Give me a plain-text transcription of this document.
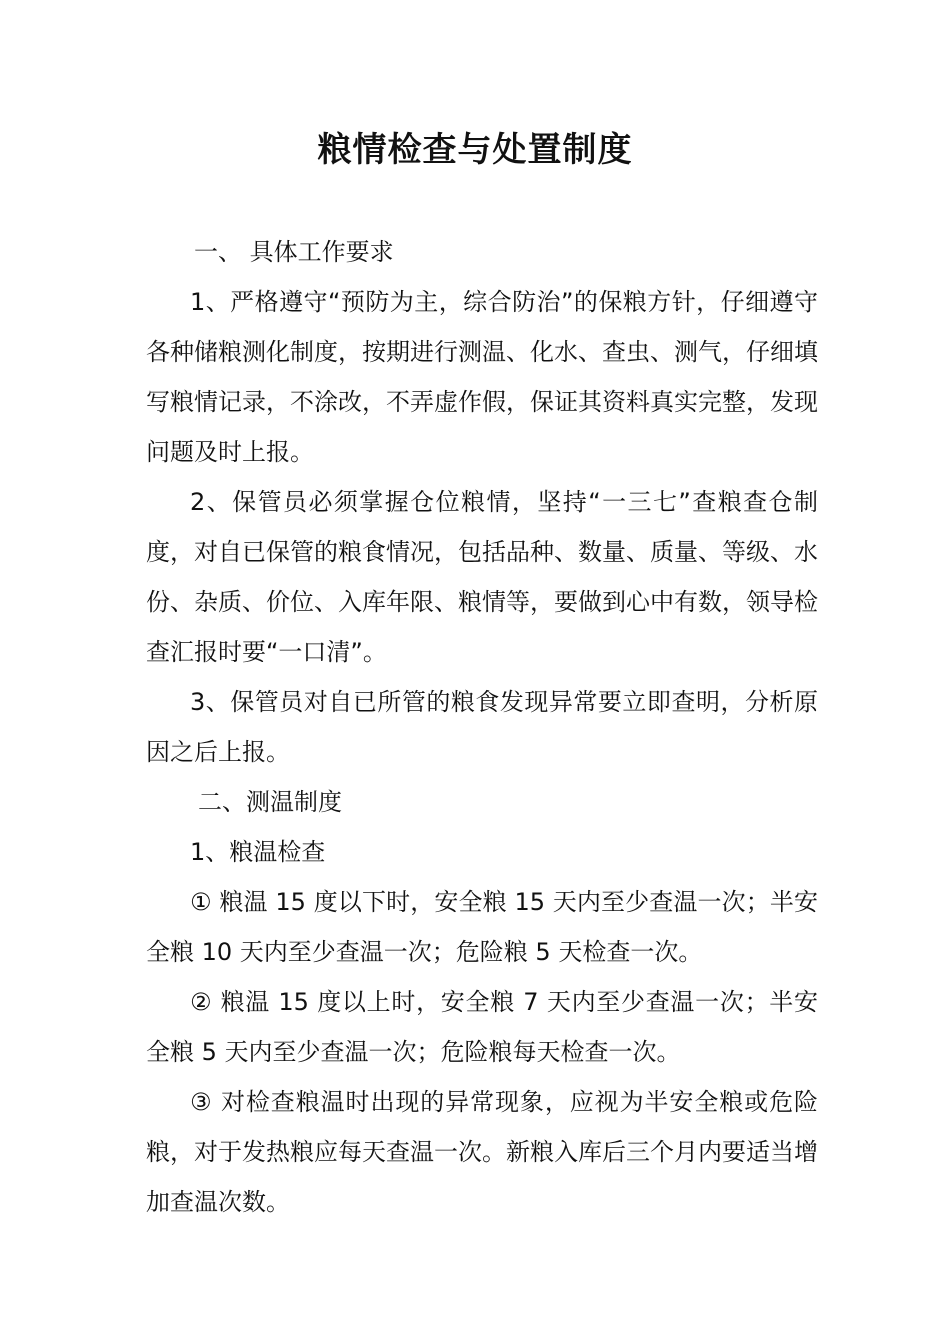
粮情检查与处置制度

一、 具体工作要求

1、严格遵守“预防为主，综合防治”的保粮方针，仔细遵守各种储粮测化制度，按期进行测温、化水、查虫、测气，仔细填写粮情记录，不涂改，不弄虚作假，保证其资料真实完整，发现问题及时上报。

2、保管员必须掌握仓位粮情，坚持“一三七”查粮查仓制度，对自已保管的粮食情况，包括品种、数量、质量、等级、水份、杂质、价位、入库年限、粮情等，要做到心中有数，领导检查汇报时要“一口清”。

3、保管员对自已所管的粮食发现异常要立即查明，分析原因之后上报。

二、测温制度

1、粮温检查

① 粮温 15 度以下时，安全粮 15 天内至少查温一次；半安全粮 10 天内至少查温一次；危险粮 5 天检查一次。

② 粮温 15 度以上时，安全粮 7 天内至少查温一次；半安全粮 5 天内至少查温一次；危险粮每天检查一次。

③ 对检查粮温时出现的异常现象，应视为半安全粮或危险粮，对于发热粮应每天查温一次。新粮入库后三个月内要适当增加查温次数。
